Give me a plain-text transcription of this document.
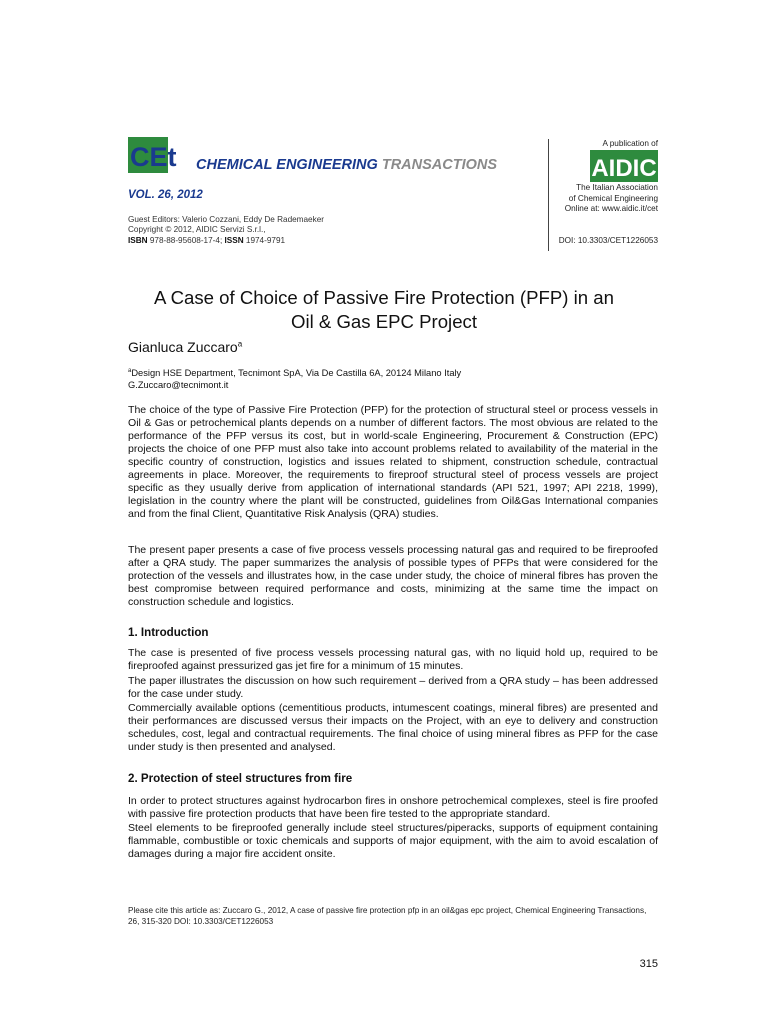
CEt CHEMICAL ENGINEERING TRANSACTIONS
VOL. 26, 2012
Guest Editors: Valerio Cozzani, Eddy De Rademaeker
Copyright © 2012, AIDIC Servizi S.r.l.,
ISBN 978-88-95608-17-4; ISSN 1974-9791
A publication of
AIDIC
The Italian Association
of Chemical Engineering
Online at: www.aidic.it/cet
DOI: 10.3303/CET1226053
A Case of Choice of Passive Fire Protection (PFP) in an
Oil & Gas EPC Project
Gianluca Zuccaro$^a$
$^a$Design HSE Department, Tecnimont SpA, Via De Castilla 6A, 20124 Milano Italy
G.Zuccaro@tecnimont.it
The choice of the type of Passive Fire Protection (PFP) for the protection of structural steel or process vessels in Oil & Gas or petrochemical plants depends on a number of different factors. The most obvious are related to the performance of the PFP versus its cost, but in world-scale Engineering, Procurement & Construction (EPC) projects the choice of one PFP must also take into account problems related to availability of the material in the specific country of construction, logistics and issues related to shipment, construction schedule, contractual agreements in place. Moreover, the requirements to fireproof structural steel of process vessels are project specific as they usually derive from application of international standards (API 521, 1997; API 2218, 1999), legislation in the country where the plant will be constructed, guidelines from Oil&Gas International companies and from the final Client, Quantitative Risk Analysis (QRA) studies.
The present paper presents a case of five process vessels processing natural gas and required to be fireproofed after a QRA study. The paper summarizes the analysis of possible types of PFPs that were considered for the protection of the vessels and illustrates how, in the case under study, the choice of mineral fibres has proven the best compromise between required performance and costs, minimizing at the same time the impact on construction schedule and logistics.
1. Introduction
The case is presented of five process vessels processing natural gas, with no liquid hold up, required to be fireproofed against pressurized gas jet fire for a minimum of 15 minutes.
The paper illustrates the discussion on how such requirement – derived from a QRA study – has been addressed for the case under study.
Commercially available options (cementitious products, intumescent coatings, mineral fibres) are presented and their performances are discussed versus their impacts on the Project, with an eye to delivery and construction schedules, cost, legal and contractual requirements. The final choice of using mineral fibres as PFP for the case under study is then presented and analysed.
2. Protection of steel structures from fire
In order to protect structures against hydrocarbon fires in onshore petrochemical complexes, steel is fire proofed with passive fire protection products that have been fire tested to the appropriate standard.
Steel elements to be fireproofed generally include steel structures/piperacks, supports of equipment containing flammable, combustible or toxic chemicals and supports of major equipment, with the aim to avoid escalation of damages during a major fire accident onsite.
Please cite this article as: Zuccaro G., 2012, A case of passive fire protection pfp in an oil&gas epc project, Chemical Engineering Transactions, 26, 315-320 DOI: 10.3303/CET1226053
315
